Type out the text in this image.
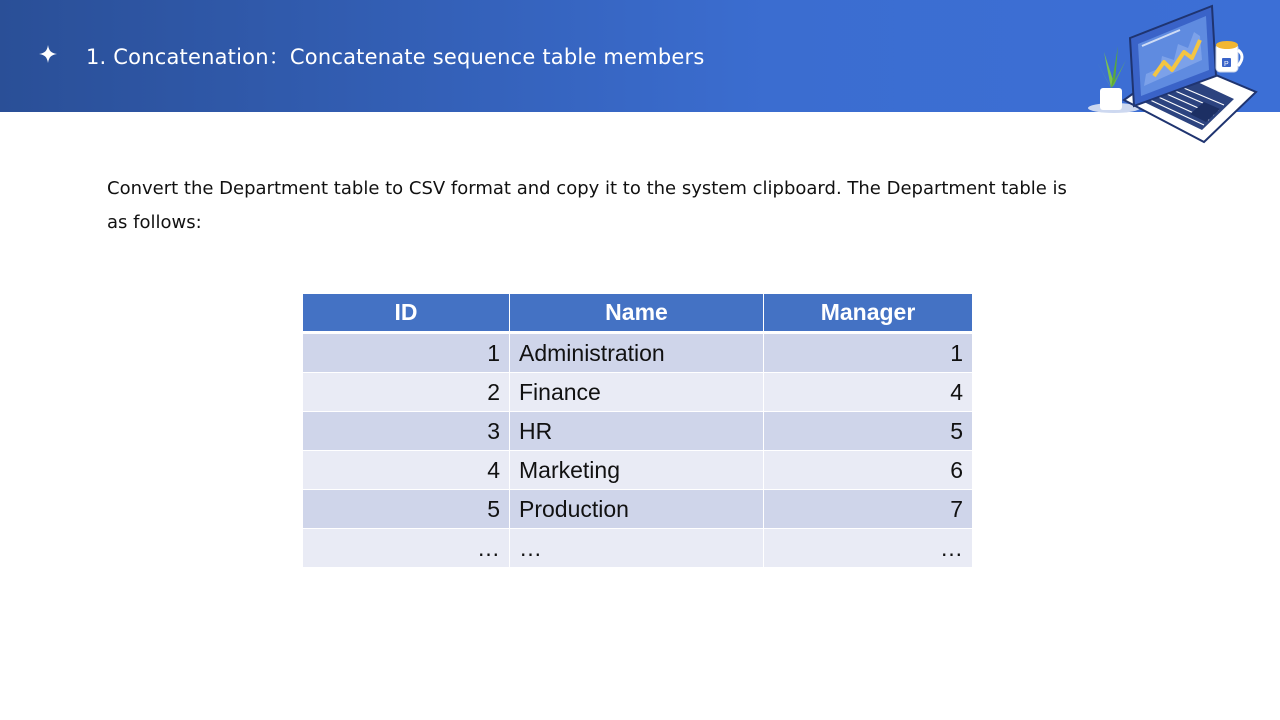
1. Concatenation：Concatenate sequence table members	P
Convert the Department table to CSV format and copy it to the system clipboard. The Department table is as follows:
ID	Name	Manager
1	Administration	1
2	Finance	4
3	HR	5
4	Marketing	6
5	Production	7
…	…	…
